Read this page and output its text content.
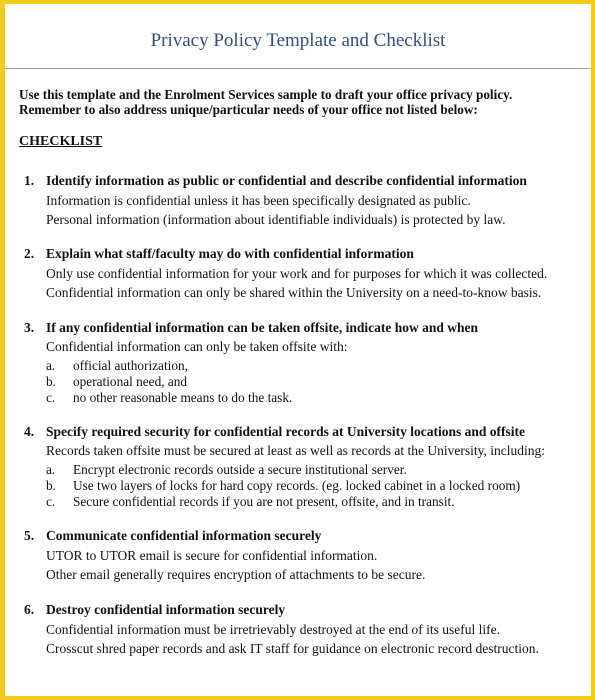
Privacy Policy Template and Checklist
Use this template and the Enrolment Services sample to draft your office privacy policy.
Remember to also address unique/particular needs of your office not listed below:
CHECKLIST
1. Identify information as public or confidential and describe confidential information
Information is confidential unless it has been specifically designated as public.
Personal information (information about identifiable individuals) is protected by law.
2. Explain what staff/faculty may do with confidential information
Only use confidential information for your work and for purposes for which it was collected.
Confidential information can only be shared within the University on a need-to-know basis.
3. If any confidential information can be taken offsite, indicate how and when
Confidential information can only be taken offsite with:
a. official authorization,
b. operational need, and
c. no other reasonable means to do the task.
4. Specify required security for confidential records at University locations and offsite
Records taken offsite must be secured at least as well as records at the University, including:
a. Encrypt electronic records outside a secure institutional server.
b. Use two layers of locks for hard copy records. (eg. locked cabinet in a locked room)
c. Secure confidential records if you are not present, offsite, and in transit.
5. Communicate confidential information securely
UTOR to UTOR email is secure for confidential information.
Other email generally requires encryption of attachments to be secure.
6. Destroy confidential information securely
Confidential information must be irretrievably destroyed at the end of its useful life.
Crosscut shred paper records and ask IT staff for guidance on electronic record destruction.
